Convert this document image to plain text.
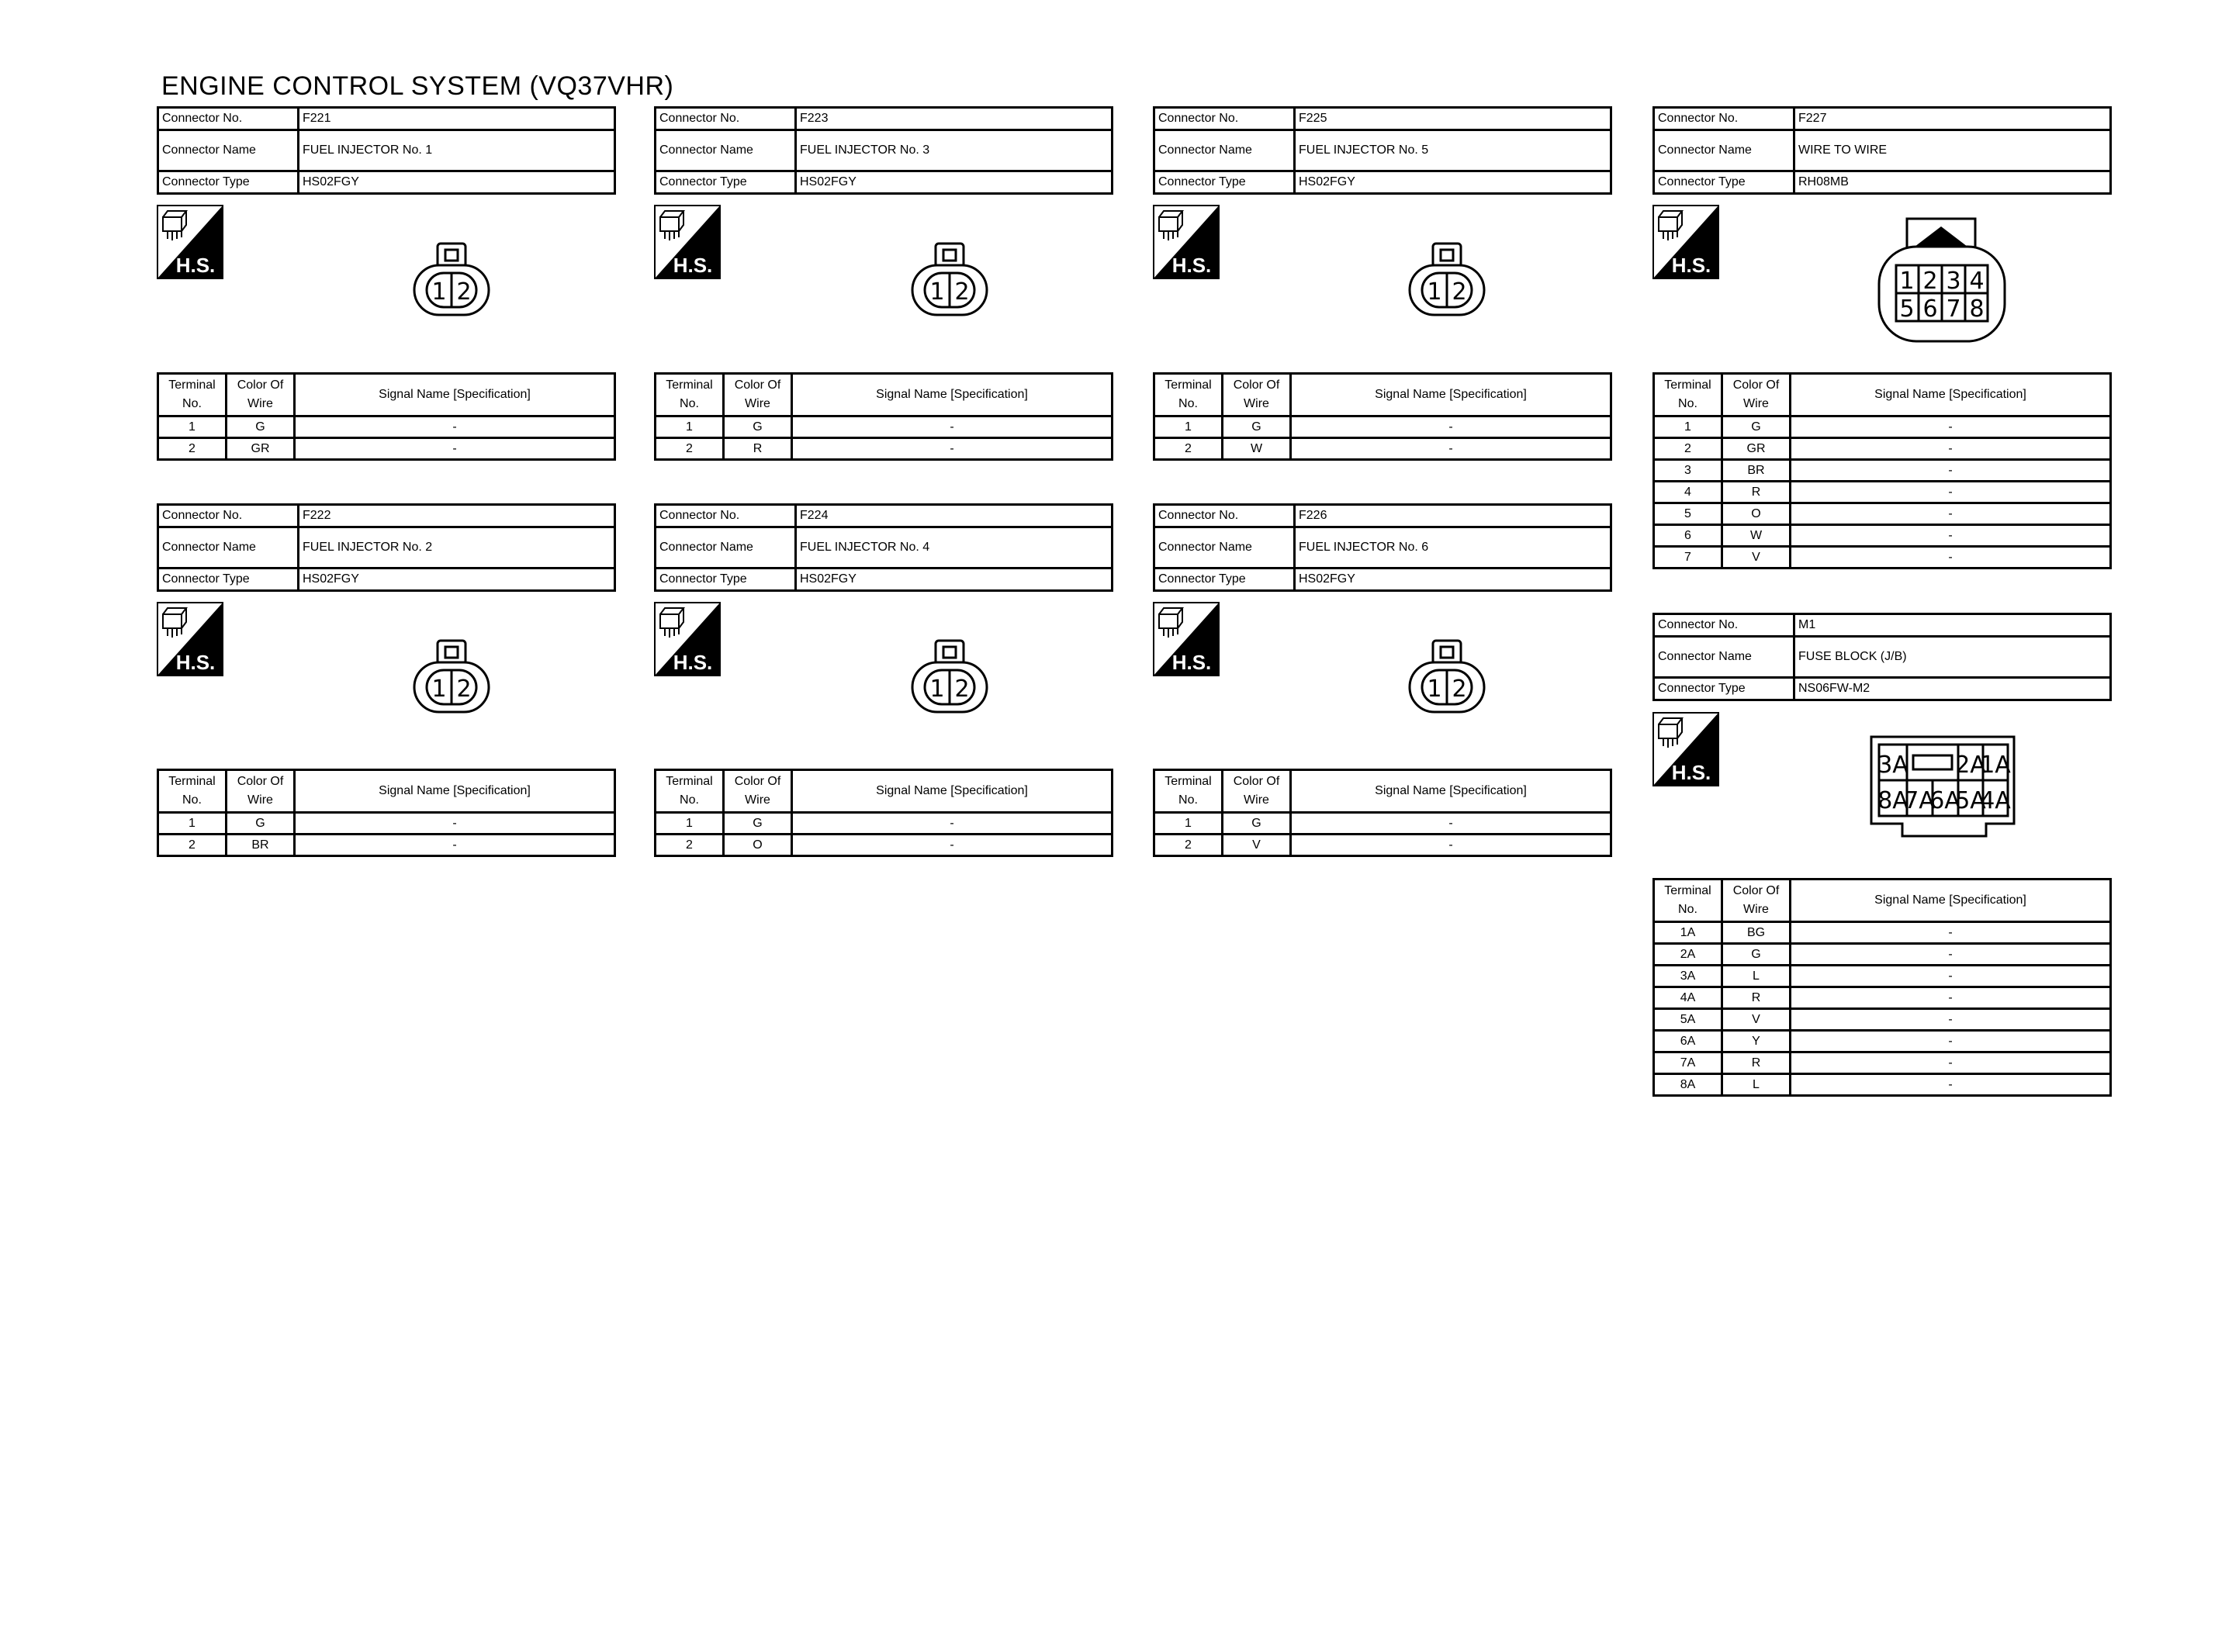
ENGINE CONTROL SYSTEM (VQ37VHR)
Connector No.	F221
Connector Name	FUEL INJECTOR No. 1
Connector Type	HS02FGY
H.S.
1 2
Terminal No.	Color Of Wire	Signal Name [Specification]
1	G	-
2	GR	-
Connector No.	F223
Connector Name	FUEL INJECTOR No. 3
Connector Type	HS02FGY
H.S.
1 2
Terminal No.	Color Of Wire	Signal Name [Specification]
1	G	-
2	R	-
Connector No.	F225
Connector Name	FUEL INJECTOR No. 5
Connector Type	HS02FGY
H.S.
1 2
Terminal No.	Color Of Wire	Signal Name [Specification]
1	G	-
2	W	-
Connector No.	F227
Connector Name	WIRE TO WIRE
Connector Type	RH08MB
H.S.
1 2 3 4
5 6 7 8
Terminal No.	Color Of Wire	Signal Name [Specification]
1	G	-
2	GR	-
3	BR	-
4	R	-
5	O	-
6	W	-
7	V	-
Connector No.	F222
Connector Name	FUEL INJECTOR No. 2
Connector Type	HS02FGY
H.S.
1 2
Terminal No.	Color Of Wire	Signal Name [Specification]
1	G	-
2	BR	-
Connector No.	F224
Connector Name	FUEL INJECTOR No. 4
Connector Type	HS02FGY
H.S.
1 2
Terminal No.	Color Of Wire	Signal Name [Specification]
1	G	-
2	O	-
Connector No.	F226
Connector Name	FUEL INJECTOR No. 6
Connector Type	HS02FGY
H.S.
1 2
Terminal No.	Color Of Wire	Signal Name [Specification]
1	G	-
2	V	-
Connector No.	M1
Connector Name	FUSE BLOCK (J/B)
Connector Type	NS06FW-M2
H.S.	3A 2A
1A
8A
7A
6A
5A
4A
Terminal No.	Color Of Wire	Signal Name [Specification]
1A	BG	-
2A	G	-
3A	L	-
4A	R	-
5A	V	-
6A	Y	-
7A	R	-
8A	L	-
